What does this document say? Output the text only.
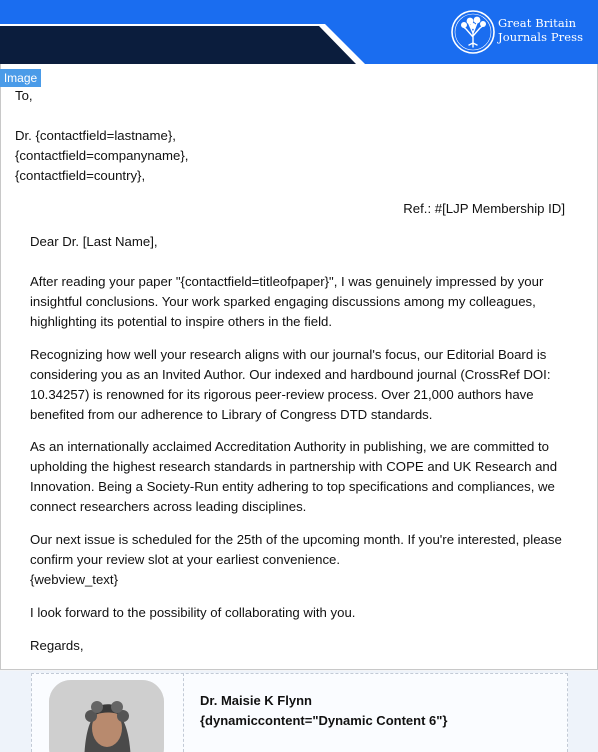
Great Britain
Journals Press
To,
Dr. {contactfield=lastname},
{contactfield=companyname},
{contactfield=country},
Ref.: #[LJP Membership ID]
Dear Dr. [Last Name],
After reading your paper "{contactfield=titleofpaper}", I was genuinely impressed by your insightful conclusions. Your work sparked engaging discussions among my colleagues, highlighting its potential to inspire others in the field.
Recognizing how well your research aligns with our journal's focus, our Editorial Board is considering you as an Invited Author. Our indexed and hardbound journal (CrossRef DOI: 10.34257) is renowned for its rigorous peer-review process. Over 21,000 authors have benefited from our adherence to Library of Congress DTD standards.
As an internationally acclaimed Accreditation Authority in publishing, we are committed to upholding the highest research standards in partnership with COPE and UK Research and Innovation. Being a Society-Run entity adhering to top specifications and compliances, we connect researchers across leading disciplines.
Our next issue is scheduled for the 25th of the upcoming month. If you're interested, please confirm your review slot at your earliest convenience.
{webview_text}
I look forward to the possibility of collaborating with you.
Regards,
Image
Dr. Maisie K Flynn
{dynamiccontent="Dynamic Content 6"}
